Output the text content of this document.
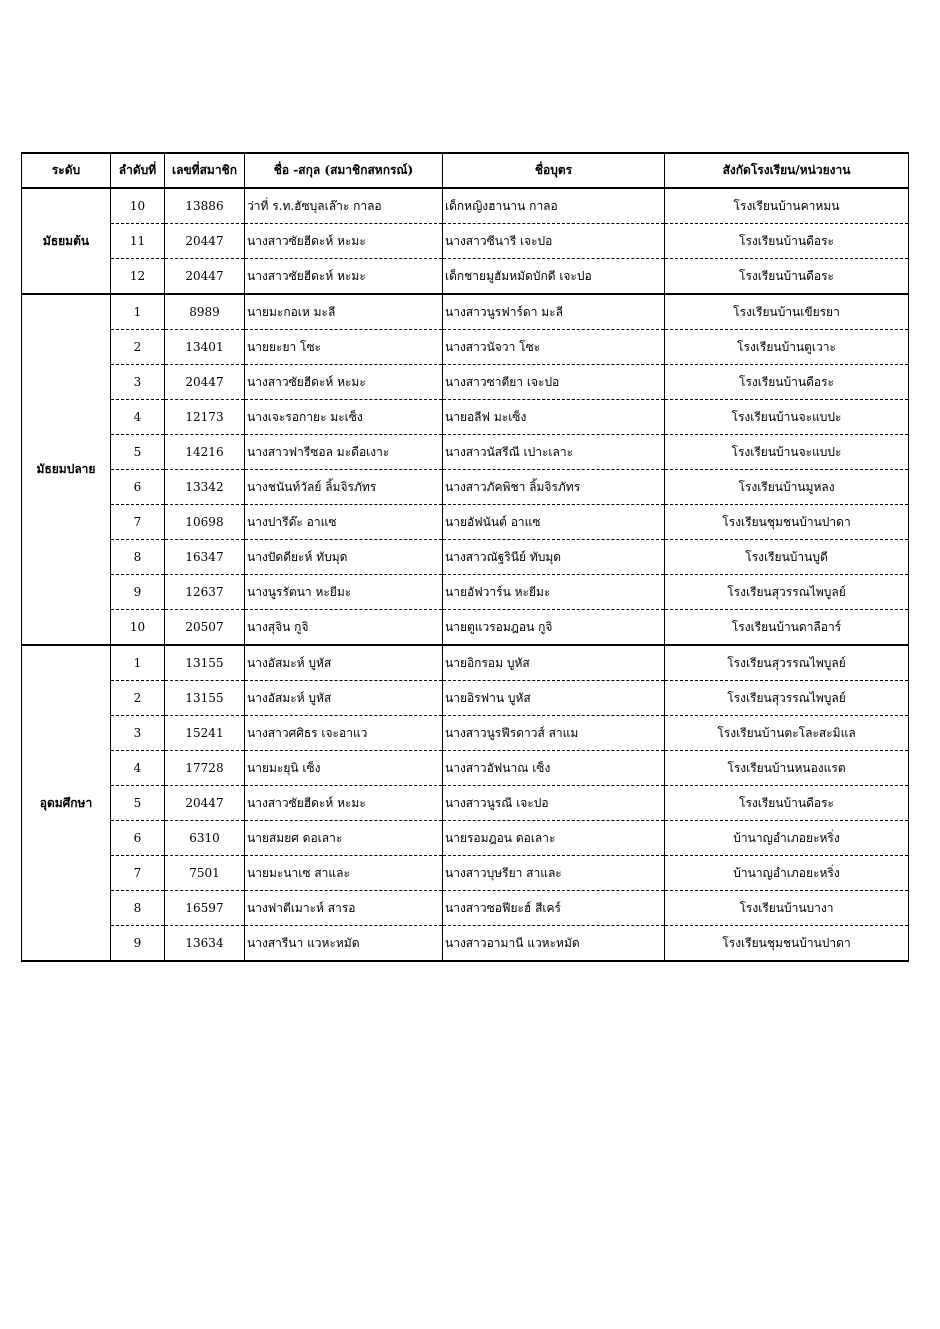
ระดับ	ลำดับที่	เลขที่สมาชิก	ชื่อ -สกุล (สมาชิกสหกรณ์)	ชื่อบุตร	สังกัดโรงเรียน/หน่วยงาน
มัธยมต้น	10	13886	ว่าที่ ร.ท.ฮัซบุลเล๊าะ กาลอ	เด็กหญิงฮานาน กาลอ	โรงเรียนบ้านคาหมน
	11	20447	นางสาวซัยฮีดะห์ หะมะ	นางสาวซีนารี เจะปอ	โรงเรียนบ้านดือระ
	12	20447	นางสาวซัยฮีดะห์ หะมะ	เด็กชายมูฮัมหมัดบักดี เจะปอ	โรงเรียนบ้านดือระ
มัธยมปลาย	1	8989	นายมะกอเห มะลี	นางสาวนูรฟาร์ดา มะลี	โรงเรียนบ้านเขียรยา
	2	13401	นายยะยา โซะ	นางสาวนัจวา โซะ	โรงเรียนบ้านตูเวาะ
	3	20447	นางสาวซัยฮีดะห์ หะมะ	นางสาวซาตียา เจะปอ	โรงเรียนบ้านดือระ
	4	12173	นางเจะรอกายะ มะเซ็ง	นายอลีฟ มะเซ็ง	โรงเรียนบ้านจะแบปะ
	5	14216	นางสาวฟารีซอล มะดือเงาะ	นางสาวนัสรีณี เปาะเลาะ	โรงเรียนบ้านจะแบปะ
	6	13342	นางชนันท์วัลย์ ลิ้มจิรภัทร	นางสาวภัคพิชา ลิ้มจิรภัทร	โรงเรียนบ้านมูหลง
	7	10698	นางปารีด๊ะ อาแซ	นายอัฟนันต์ อาแซ	โรงเรียนชุมชนบ้านปาดา
	8	16347	นางปัดดียะห์ ทับมุด	นางสาวณัฐรินีย์ ทับมุด	โรงเรียนบ้านบูดี
	9	12637	นางนูรรัตนา หะยีมะ	นายอัฟวาร์น หะยีมะ	โรงเรียนสุวรรณไพบูลย์
	10	20507	นางสุจิน กูจิ	นายตูแวรอมฎอน กูจิ	โรงเรียนบ้านดาลือาร์
อุดมศึกษา	1	13155	นางอัสมะห์ บูหัส	นายอิกรอม บูหัส	โรงเรียนสุวรรณไพบูลย์
	2	13155	นางอัสมะห์ บูหัส	นายอิรฟาน บูหัส	โรงเรียนสุวรรณไพบูลย์
	3	15241	นางสาวศศิธร เจะอาแว	นางสาวนูรฟีรดาวส์ สาแม	โรงเรียนบ้านตะโละสะมิแล
	4	17728	นายมะยุนิ เซ็ง	นางสาวอัฟนาณ เซ็ง	โรงเรียนบ้านหนองแรต
	5	20447	นางสาวซัยฮีดะห์ หะมะ	นางสาวนูรณี เจะปอ	โรงเรียนบ้านดือระ
	6	6310	นายสมยศ ดอเลาะ	นายรอมฎอน ดอเลาะ	บ้านาญอำเภอยะหริ่ง
	7	7501	นายมะนาเซ สาและ	นางสาวบุษรียา สาและ	บ้านาญอำเภอยะหริ่ง
	8	16597	นางฟาตีเมาะห์ สารอ	นางสาวซอฟียะฮ์ สีเคร์	โรงเรียนบ้านบางา
	9	13634	นางสารีนา แวหะหมัด	นางสาวอามานี แวหะหมัด	โรงเรียนชุมชนบ้านปาดา
